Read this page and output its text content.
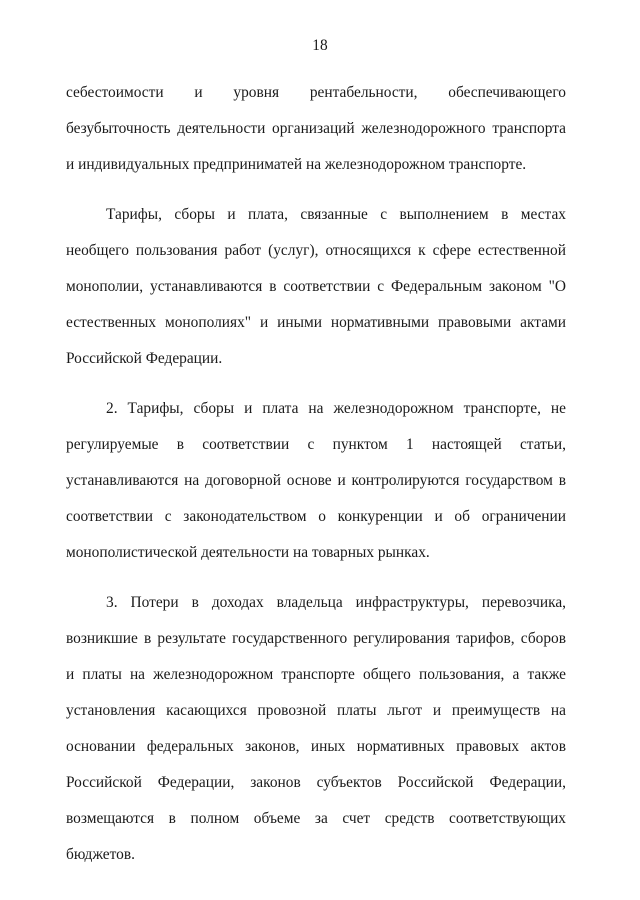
18
себестоимости и уровня рентабельности, обеспечивающего
безубыточность деятельности организаций железнодорожного транспорта
и индивидуальных предприниматей на железнодорожном транспорте.
Тарифы, сборы и плата, связанные с выполнением в местах
необщего пользования работ (услуг), относящихся к сфере естественной
монополии, устанавливаются в соответствии с Федеральным законом "О
естественных монополиях" и иными нормативными правовыми актами
Российской Федерации.
2. Тарифы, сборы и плата на железнодорожном транспорте, не
регулируемые в соответствии с пунктом 1 настоящей статьи,
устанавливаются на договорной основе и контролируются государством в
соответствии с законодательством о конкуренции и об ограничении
монополистической деятельности на товарных рынках.
3. Потери в доходах владельца инфраструктуры, перевозчика,
возникшие в результате государственного регулирования тарифов, сборов
и платы на железнодорожном транспорте общего пользования, а также
установления касающихся провозной платы льгот и преимуществ на
основании федеральных законов, иных нормативных правовых актов
Российской Федерации, законов субъектов Российской Федерации,
возмещаются в полном объеме за счет средств соответствующих
бюджетов.
